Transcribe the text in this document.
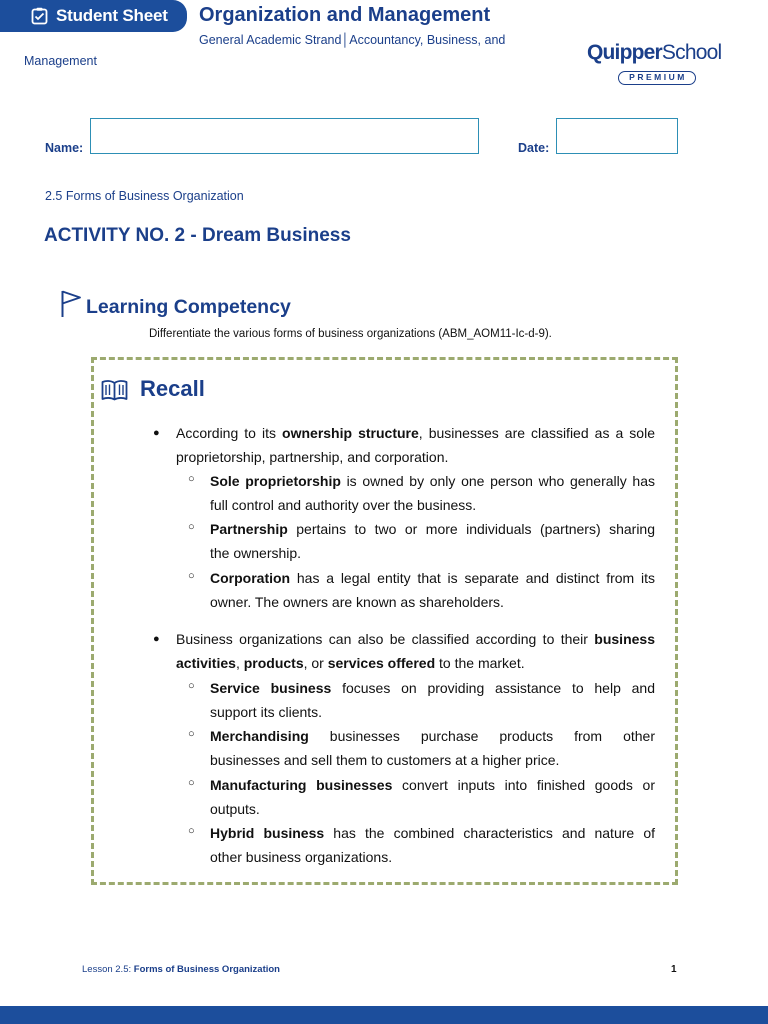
Student Sheet Organization and Management
General Academic Strand│Accountancy, Business, and
Management	QuipperSchool
PREMIUM
Name:	Date:
2.5 Forms of Business Organization
ACTIVITY NO. 2 - Dream Business
Learning Competency
Differentiate the various forms of business organizations (ABM_AOM11-Ic-d-9).
Recall
● According to its ownership structure, businesses are classified as a sole
proprietorship, partnership, and corporation.
○ Sole proprietorship is owned by only one person who generally has
full control and authority over the business.
○ Partnership pertains to two or more individuals (partners) sharing
the ownership.
○ Corporation has a legal entity that is separate and distinct from its
owner. The owners are known as shareholders.
● Business organizations can also be classified according to their business
activities, products, or services offered to the market.
○ Service business focuses on providing assistance to help and
support its clients.
○ Merchandising businesses purchase products from other
businesses and sell them to customers at a higher price.
○ Manufacturing businesses convert inputs into finished goods or
outputs.
○ Hybrid business has the combined characteristics and nature of
other business organizations.
Lesson 2.5: Forms of Business Organization	1
